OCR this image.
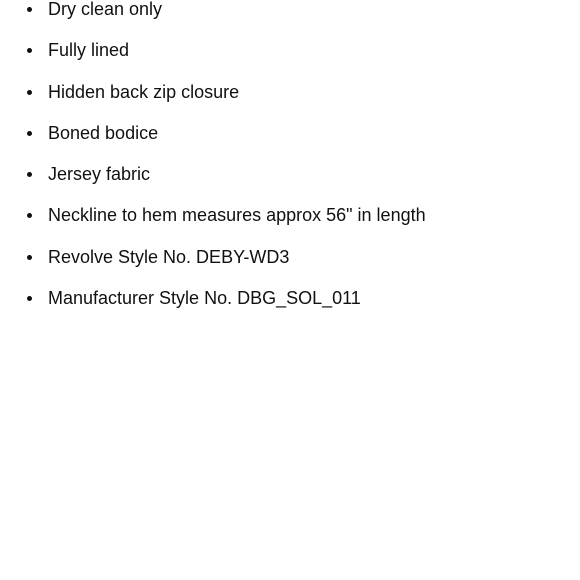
Dry clean only
Fully lined
Hidden back zip closure
Boned bodice
Jersey fabric
Neckline to hem measures approx 56" in length
Revolve Style No. DEBY-WD3
Manufacturer Style No. DBG_SOL_011
